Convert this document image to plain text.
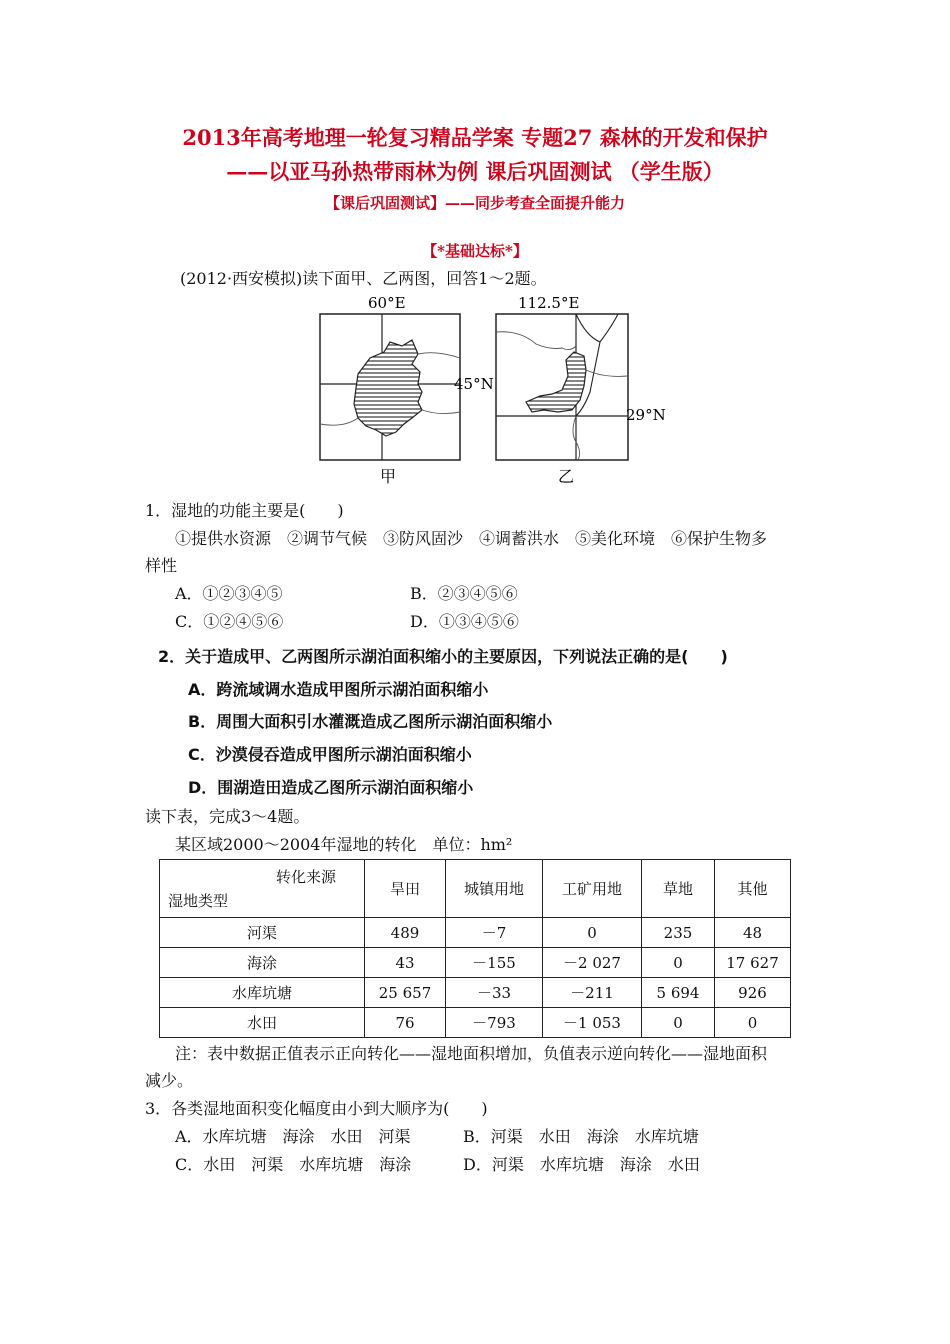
2013年高考地理一轮复习精品学案 专题27 森林的开发和保护
——以亚马孙热带雨林为例 课后巩固测试 （学生版）
【课后巩固测试】——同步考查全面提升能力
【*基础达标*】
(2012·西安模拟)读下面甲、乙两图，回答1～2题。
60°E
45°N
甲
112.5°E
29°N
乙
1．湿地的功能主要是(　　)
①提供水资源　②调节气候　③防风固沙　④调蓄洪水　⑤美化环境　⑥保护生物多
样性
A．①②③④⑤	B．②③④⑤⑥
C．①②④⑤⑥	D．①③④⑤⑥
2．关于造成甲、乙两图所示湖泊面积缩小的主要原因，下列说法正确的是(　　)
A．跨流域调水造成甲图所示湖泊面积缩小
B．周围大面积引水灌溉造成乙图所示湖泊面积缩小
C．沙漠侵吞造成甲图所示湖泊面积缩小
D．围湖造田造成乙图所示湖泊面积缩小
读下表，完成3～4题。
某区域2000～2004年湿地的转化　单位：hm²
转化来源
湿地类型	旱田	城镇用地	工矿用地	草地	其他
河渠	489	－7	0	235	48
海涂	43	－155	－2 027	0	17 627
水库坑塘	25 657	－33	－211	5 694	926
水田	76	－793	－1 053	0	0
注：表中数据正值表示正向转化——湿地面积增加，负值表示逆向转化——湿地面积
减少。
3．各类湿地面积变化幅度由小到大顺序为(　　)
A．水库坑塘　海涂　水田　河渠	B．河渠　水田　海涂　水库坑塘
C．水田　河渠　水库坑塘　海涂	D．河渠　水库坑塘　海涂　水田
